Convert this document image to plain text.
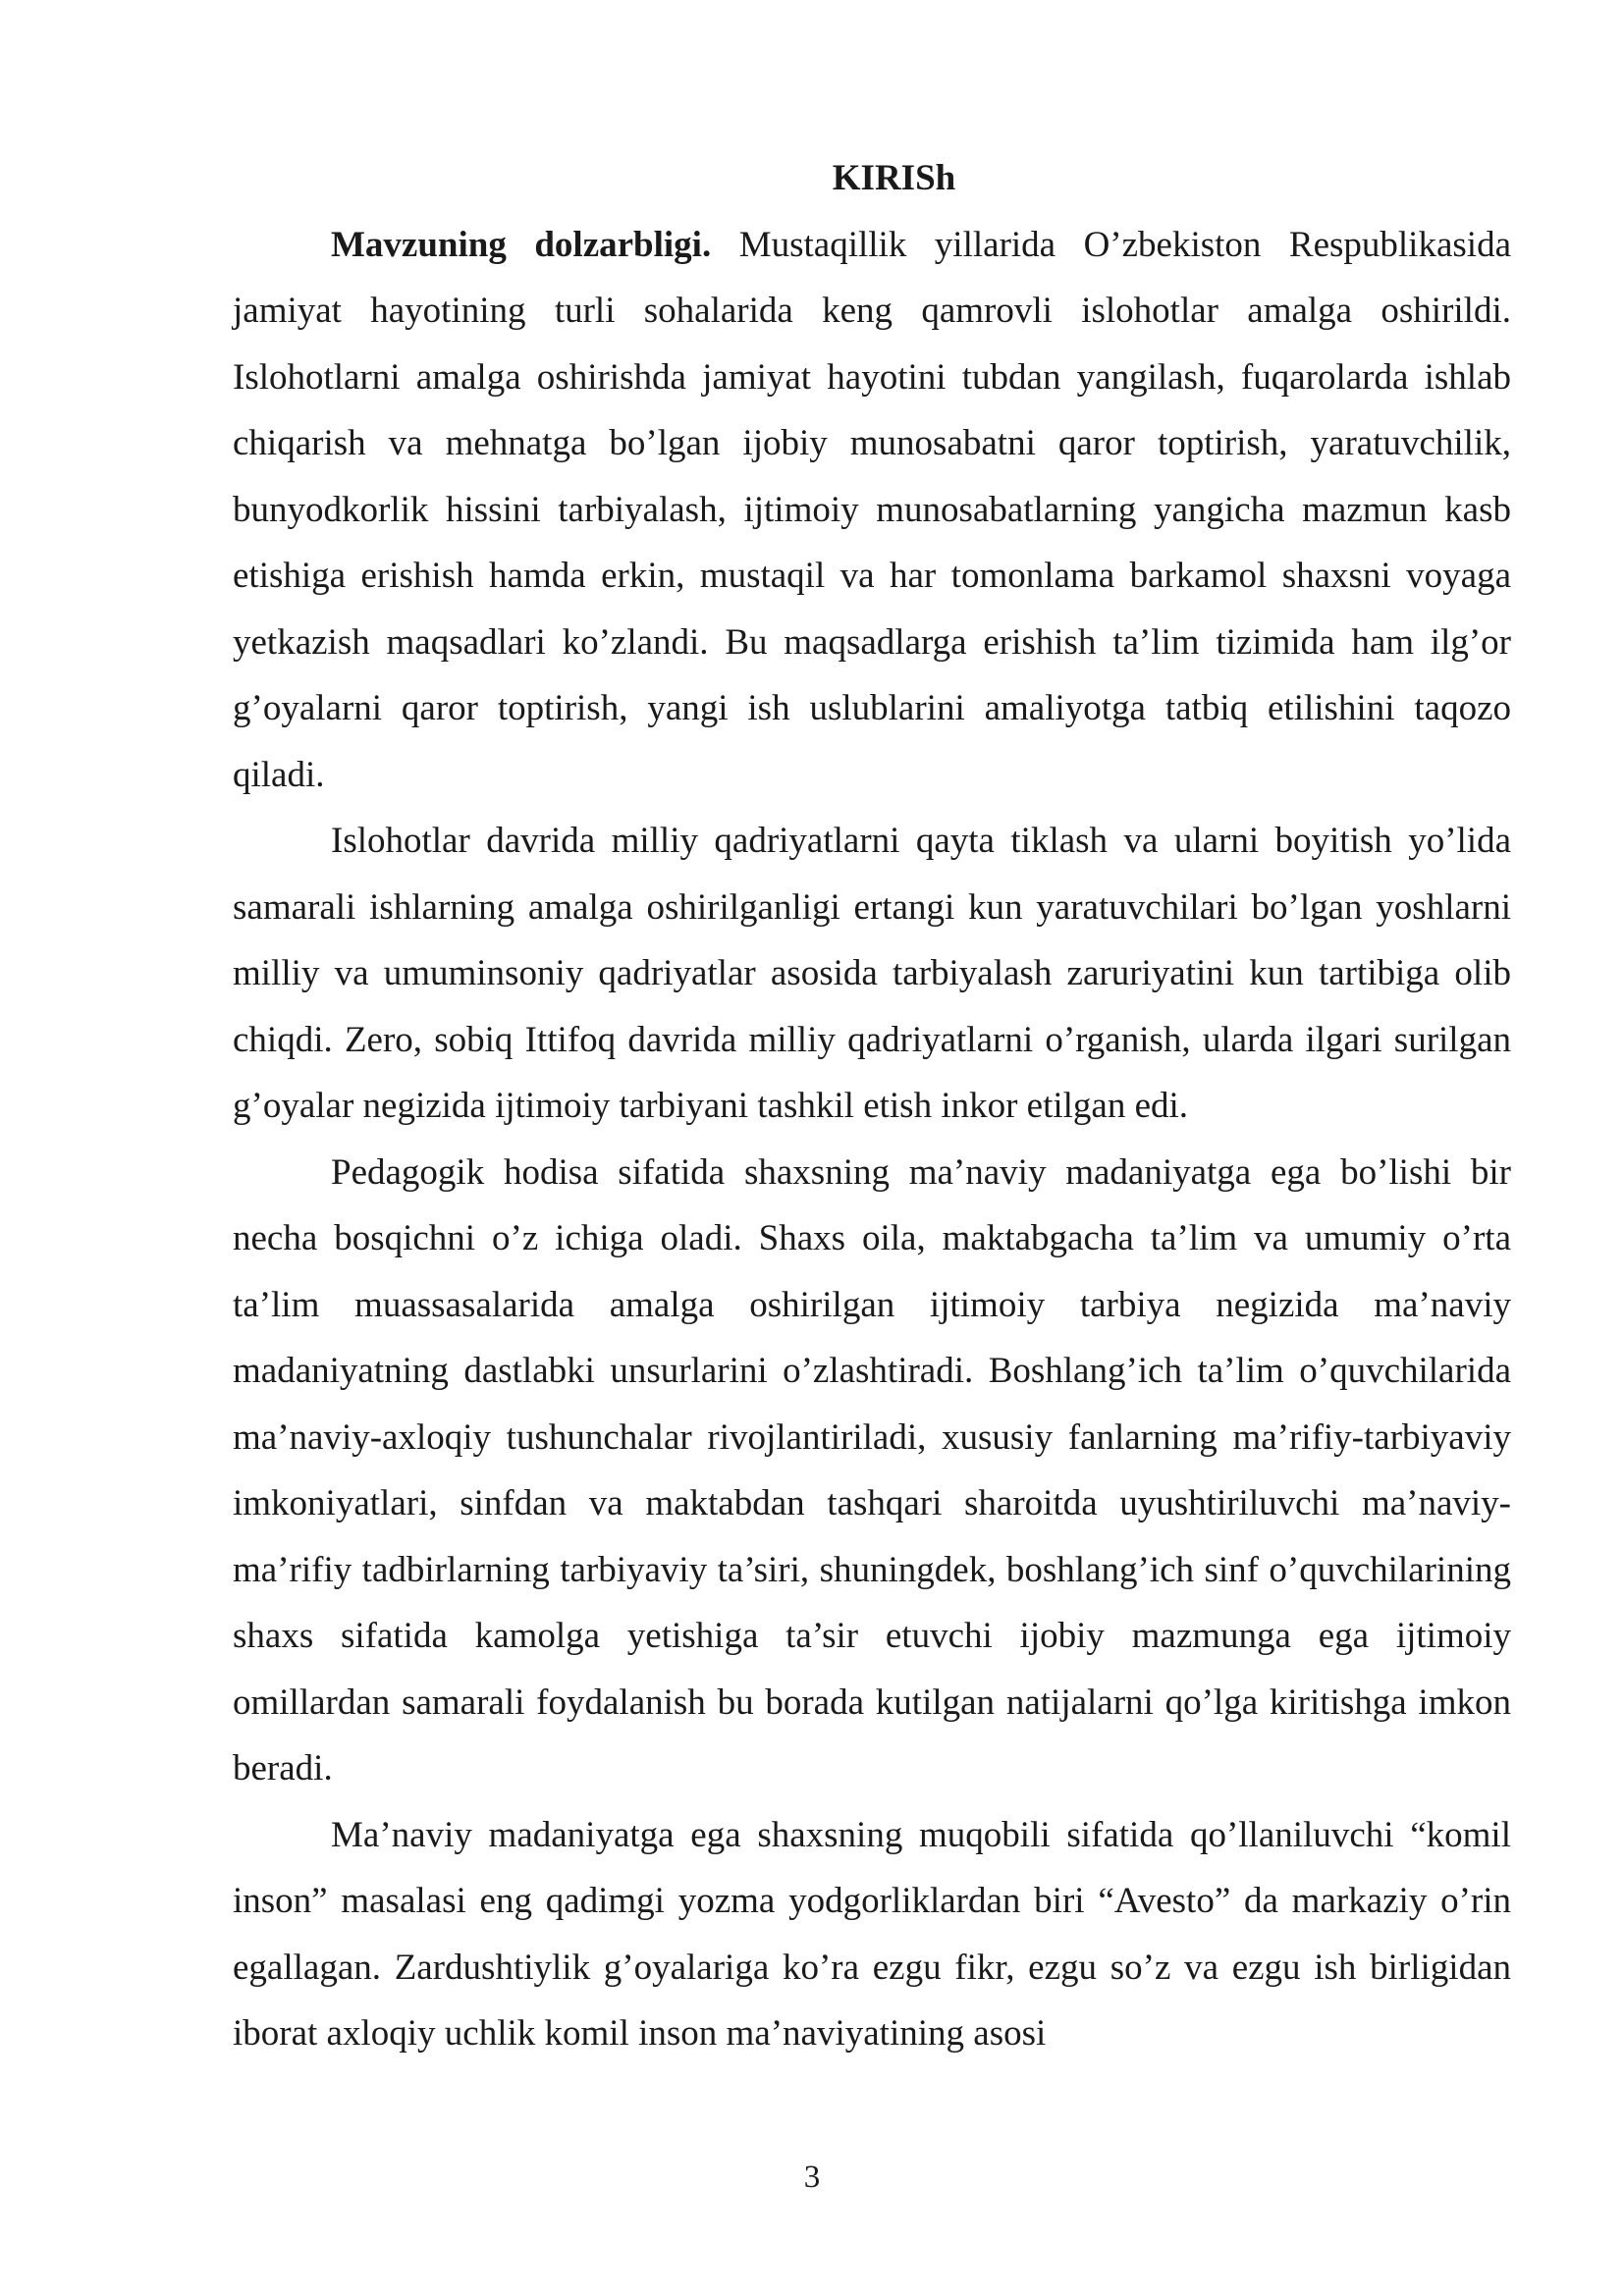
KIRISh

Mavzuning dolzarbligi. Mustaqillik yillarida O’zbekiston Respublikasida jamiyat hayotining turli sohalarida keng qamrovli islohotlar amalga oshirildi. Islohotlarni amalga oshirishda jamiyat hayotini tubdan yangilash, fuqarolarda ishlab chiqarish va mehnatga bo’lgan ijobiy munosabatni qaror toptirish, yaratuvchilik, bunyodkorlik hissini tarbiyalash, ijtimoiy munosabatlarning yangicha mazmun kasb etishiga erishish hamda erkin, mustaqil va har tomonlama barkamol shaxsni voyaga yetkazish maqsadlari ko’zlandi. Bu maqsadlarga erishish ta’lim tizimida ham ilg’or g’oyalarni qaror toptirish, yangi ish uslublarini amaliyotga tatbiq etilishini taqozo qiladi.

Islohotlar davrida milliy qadriyatlarni qayta tiklash va ularni boyitish yo’lida samarali ishlarning amalga oshirilganligi ertangi kun yaratuvchilari bo’lgan yoshlarni milliy va umuminsoniy qadriyatlar asosida tarbiyalash zaruriyatini kun tartibiga olib chiqdi. Zero, sobiq Ittifoq davrida milliy qadriyatlarni o’rganish, ularda ilgari surilgan g’oyalar negizida ijtimoiy tarbiyani tashkil etish inkor etilgan edi.

Pedagogik hodisa sifatida shaxsning ma’naviy madaniyatga ega bo’lishi bir necha bosqichni o’z ichiga oladi. Shaxs oila, maktabgacha ta’lim va umumiy o’rta ta’lim muassasalarida amalga oshirilgan ijtimoiy tarbiya negizida ma’naviy madaniyatning dastlabki unsurlarini o’zlashtiradi. Boshlang’ich ta’lim o’quvchilarida ma’naviy-axloqiy tushunchalar rivojlantiriladi, xususiy fanlarning ma’rifiy-tarbiyaviy imkoniyatlari, sinfdan va maktabdan tashqari sharoitda uyushtiriluvchi ma’naviy-ma’rifiy tadbirlarning tarbiyaviy ta’siri, shuningdek, boshlang’ich sinf o’quvchilarining shaxs sifatida kamolga yetishiga ta’sir etuvchi ijobiy mazmunga ega ijtimoiy omillardan samarali foydalanish bu borada kutilgan natijalarni qo’lga kiritishga imkon beradi.

Ma’naviy madaniyatga ega shaxsning muqobili sifatida qo’llaniluvchi “komil inson” masalasi eng qadimgi yozma yodgorliklardan biri “Avesto” da markaziy o’rin egallagan. Zardushtiylik g’oyalariga ko’ra ezgu fikr, ezgu so’z va ezgu ish birligidan iborat axloqiy uchlik komil inson ma’naviyatining asosi

3
